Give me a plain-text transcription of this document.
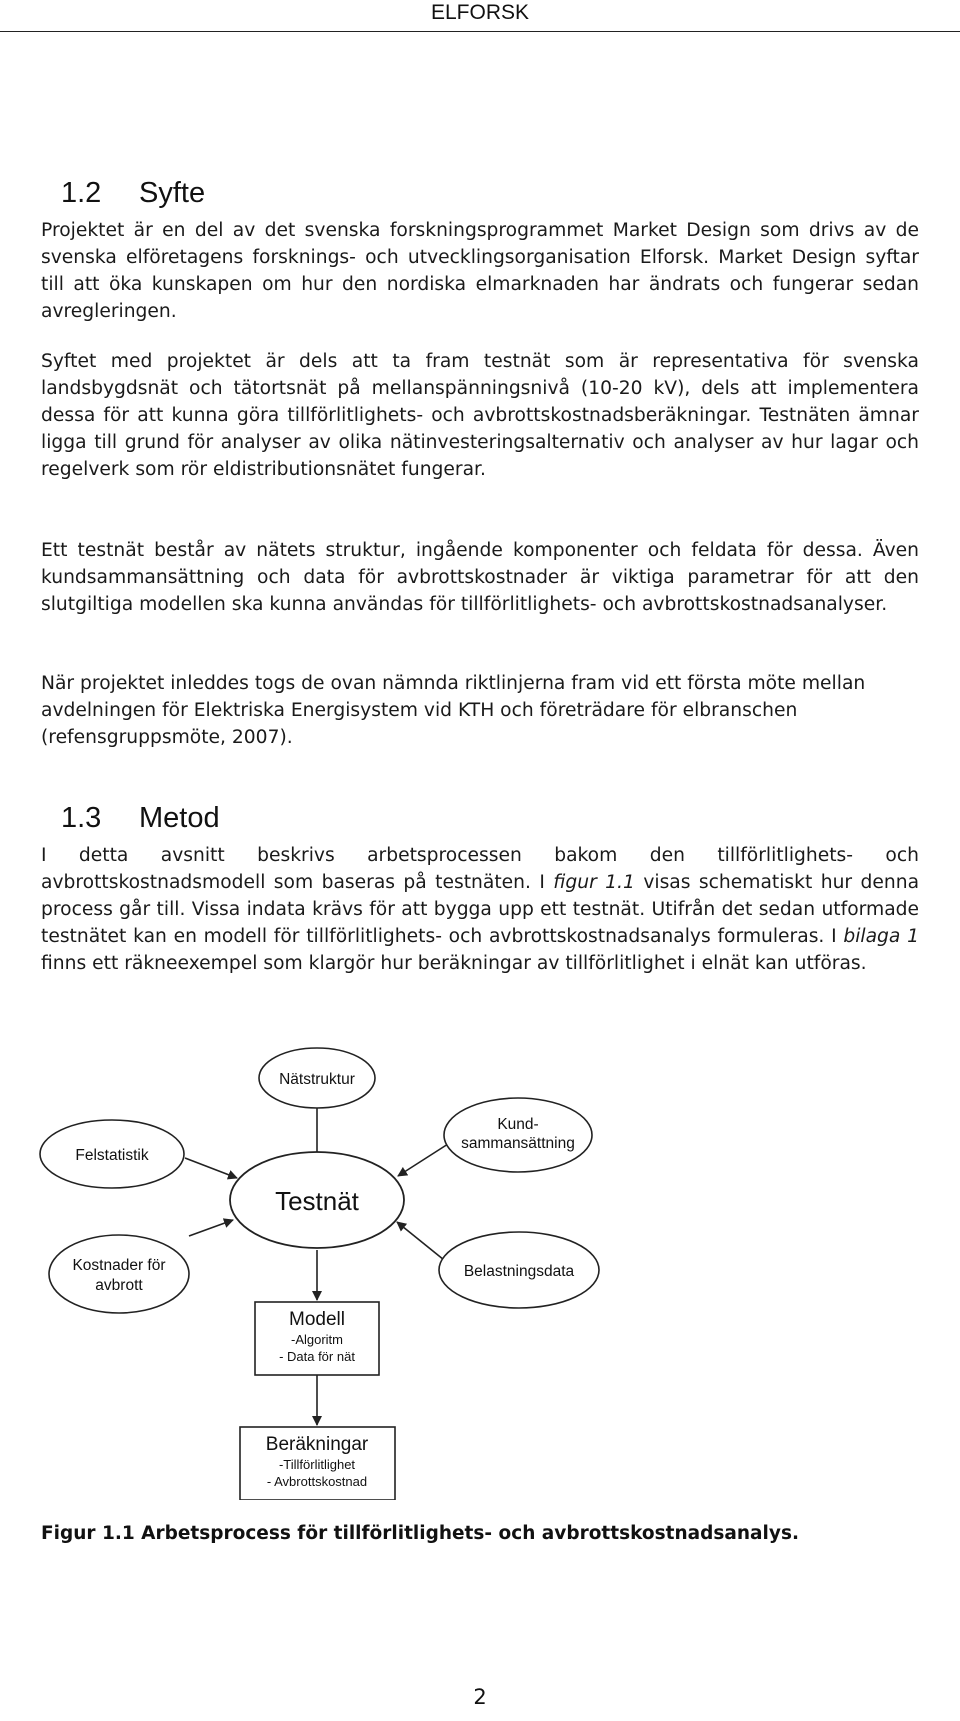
ELFORSK
1.2 Syfte

Projektet är en del av det svenska forskningsprogrammet Market Design som drivs av de svenska elföretagens forsknings- och utvecklingsorganisation Elforsk. Market Design syftar till att öka kunskapen om hur den nordiska elmarknaden har ändrats och fungerar sedan avregleringen.

Syftet med projektet är dels att ta fram testnät som är representativa för svenska landsbygdsnät och tätortsnät på mellanspänningsnivå (10-20 kV), dels att implementera dessa för att kunna göra tillförlitlighets- och avbrottskostnadsberäkningar. Testnäten ämnar ligga till grund för analyser av olika nätinvesteringsalternativ och analyser av hur lagar och regelverk som rör eldistributionsnätet fungerar.

Ett testnät består av nätets struktur, ingående komponenter och feldata för dessa. Även kundsammansättning och data för avbrottskostnader är viktiga parametrar för att den slutgiltiga modellen ska kunna användas för tillförlitlighets- och avbrottskostnadsanalyser.

När projektet inleddes togs de ovan nämnda riktlinjerna fram vid ett första möte mellan avdelningen för Elektriska Energisystem vid KTH och företrädare för elbranschen (refensgruppsmöte, 2007).

1.3 Metod

I detta avsnitt beskrivs arbetsprocessen bakom den tillförlitlighets- och avbrottskostnadsmodell som baseras på testnäten. I figur 1.1 visas schematiskt hur denna process går till. Vissa indata krävs för att bygga upp ett testnät. Utifrån det sedan utformade testnätet kan en modell för tillförlitlighets- och avbrottskostnadsanalys formuleras. I bilaga 1 finns ett räkneexempel som klargör hur beräkningar av tillförlitlighet i elnät kan utföras.

Nätstruktur
Felstatistik
Kund-
sammansättning
Testnät
Kostnader för
avbrott
Belastningsdata
Modell
-Algoritm
- Data för nät
Beräkningar
-Tillförlitlighet
- Avbrottskostnad

Figur 1.1 Arbetsprocess för tillförlitlighets- och avbrottskostnadsanalys.

2
